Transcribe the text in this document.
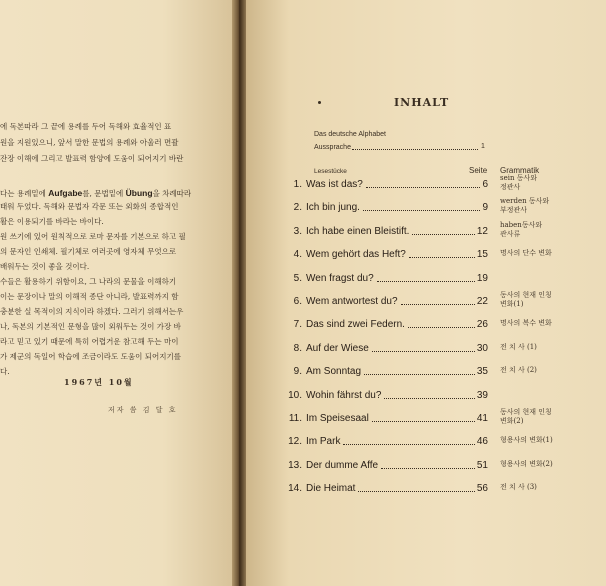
에 독본따라 그 끝에 용례를 두어 독해와 효율적인 표
원을 지원있으니, 앞서 말한 문법의 용례와 아울러 면괄
잔장 이해에 그리고 발표력 함양에 도움이 되어지기 바란
다는 용례밑에 Aufgabe를, 문법밑에 Übung을 차례따라
태워 두었다. 독해와 문법자 각문 또는 외화의 종합적인
활은 이용되기를 바라는 바이다.
원 쓰기에 있어 원칙적으로 로마 문자를 기본으로 하고 필
의 문자인 인쇄체. 필기체로 여러곳에 영자체 무엇으로
배워두는 것이 좋을 것이다.
수들은 활용하기 위함이요, 그 나라의 문물을 이해하기
이는 문장이나 말의 이해적 종단 아니라, 발표력까지 함
충분한 실 목적이의 지식이라 하겠다. 그러기 위해서는우
나, 독본의 기본적인 문형을 많이 외워두는 것이 가장 바
라고 믿고 있기 때문에 특히 어렵거운 참고해 두는 마이
가 제군의 독일어 학습에 조금이라도 도움이 되어지기를
다.
1967년 10월
저자 씀 김 달 호
INHALT
Das deutsche Alphabet
Aussprache	1
Lesestücke	Seite Grammatik
1. Was ist das?	6
sein 동사와
정관사
2. Ich bin jung.	9
werden 동사와
부정관사
3. Ich habe einen Bleistift.	12
haben동사와
관사류
4. Wem gehört das Heft?	15 명사의 단수 변화
5. Wen fragst du?	19
6. Wem antwortest du?	22
동사의 현재 인칭
변화(1)
7. Das sind zwei Federn.	26 명사의 복수 변화
8. Auf der Wiese	30 전 치 사 (1)
9. Am Sonntag	35 전 치 사 (2)
10. Wohin fährst du?	39
11. Im Speisesaal	41
동사의 현재 인칭
변화(2)
12. Im Park	46 형용사의 변화(1)
13. Der dumme Affe	51 형용사의 변화(2)
14. Die Heimat	56 전 치 사 (3)
